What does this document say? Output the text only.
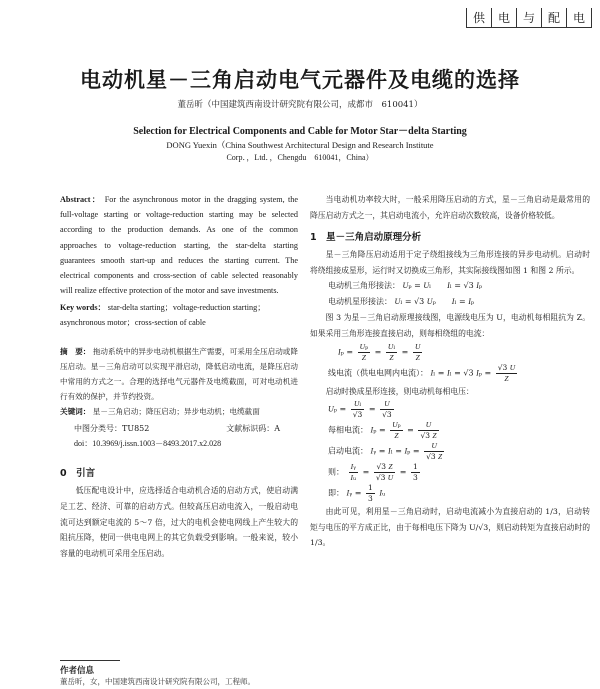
供	电	与	配	电
电动机星－三角启动电气元器件及电缆的选择
董岳昕（中国建筑西南设计研究院有限公司，成都市　610041）
Selection for Electrical Components and Cable for Motor Star－delta Starting
DONG Yuexin（China Southwest Architectural Design and Research Institute
Corp．，Ltd．，Chengdu　610041，China）

Abstract： For the asynchronous motor in the dragging system, the full-voltage starting or voltage-reduction starting may be selected according to the production demands. As one of the common approaches to voltage-reduction starting, the star-delta starting guarantees smooth start-up and reduces the starting current. The electrical components and cross-section of cable selected reasonably will realize effective protection of the motor and save investments.

Key words： star-delta starting；voltage-reduction starting；asynchronous motor；cross-section of cable

摘　要： 拖动系统中的异步电动机根据生产需要，可采用全压启动或降压启动。星－三角启动可以实现平滑启动，降低启动电流，是降压启动中常用的方式之一。合理的选择电气元器件及电缆截面，可对电动机进行有效的保护，并节约投资。

关键词： 星－三角启动；降压启动；异步电动机；电缆截面

中图分类号：TU852	文献标识码：A
doi：10.3969/j.issn.1003－8493.2017.x2.028
0　引言

低压配电设计中，应选择适合电动机合适的启动方式，使启动满足工艺、经济、可靠的启动方式。但较高压启动电流入，一般启动电流可达到额定电流的 5～7 倍，过大的电机会使电网线上产生较大的阻抗压降，使同一供电电网上的其它负载受到影响。一般来说，较小容量的电动机可采用全压启动。

当电动机功率较大时，一般采用降压启动的方式，星－三角启动是最常用的降压启动方式之一，其启动电流小，允许启动次数较高，设备价格较低。

1　星－三角启动原理分析

星－三角降压启动适用于定子绕组接线为三角形连接的异步电动机。启动时将绕组接成星形，运行时又切换成三角形，其实际接线图如图 1 和图 2 所示。

电动机三角形接法： Uₚ = Uₗ　　Iₗ = √3 Iₚ
电动机星形接法： Uₗ = √3 Uₚ　　Iₗ = Iₚ

图 3 为星－三角启动原理接线图，电源线电压为 U，电动机每相阻抗为 Z。如果采用三角形连接直接启动，则每相绕组的电流：

$I_p = \frac{\text{Uₚ}}{Z} = \frac{\text{Uₗ}}{Z} = \frac{U}{Z}$
线电流（供电电网内电流）： Iₗ = Iₗ = √3 $I_p = \frac{√3 U}{Z}$

启动时换成星形连接，则电动机每相电压：

$U_p = \frac{\text{Uₗ}}{√3} = \frac{U}{√3}$
每相电流： $I_p = \frac{\text{Uₚ}}{Z} = \frac{U}{√3 Z}$
启动电流： Iᵧ = $I_l = I_p = \frac{U}{√3 Z}$
则： $\frac{\text{Iᵧ}}{\text{Iᵤ}} = \frac{√3 Z}{√3 U} = \frac{1}{3}$
即： Iᵧ = $\frac{1}{3}$ Iᵤ

由此可见，利用星－三角启动时，启动电流减小为直接启动的 1/3，启动转矩与电压的平方成正比，由于每相电压下降为 U/√3，则启动转矩为直接启动时的 1/3。

作者信息
董岳昕，女，中国建筑西南设计研究院有限公司，工程师。
